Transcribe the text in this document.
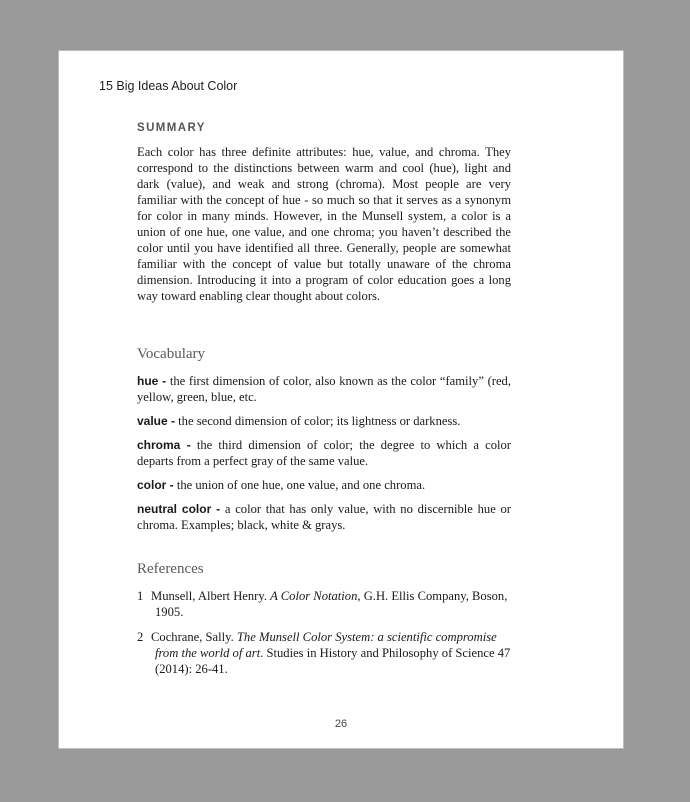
15 Big Ideas About Color
SUMMARY

Each color has three definite attributes: hue, value, and chroma. They correspond to the distinctions between warm and cool (hue), light and dark (value), and weak and strong (chroma). Most people are very familiar with the concept of hue - so much so that it serves as a synonym for color in many minds. However, in the Munsell system, a color is a union of one hue, one value, and one chroma; you haven’t described the color until you have identified all three. Generally, people are somewhat familiar with the concept of value but totally unaware of the chroma dimension. Introducing it into a program of color education goes a long way toward enabling clear thought about colors.

Vocabulary
hue - the first dimension of color, also known as the color “family” (red, yellow, green, blue, etc.
value - the second dimension of color; its lightness or darkness.
chroma - the third dimension of color; the degree to which a color departs from a perfect gray of the same value.
color - the union of one hue, one value, and one chroma.
neutral color - a color that has only value, with no discernible hue or chroma. Examples; black, white & grays.
References
1 Munsell, Albert Henry. A Color Notation, G.H. Ellis Company, Boson, 1905.
2 Cochrane, Sally. The Munsell Color System: a scientific compromise from the world of art. Studies in History and Philosophy of Science 47 (2014): 26-41.
26
